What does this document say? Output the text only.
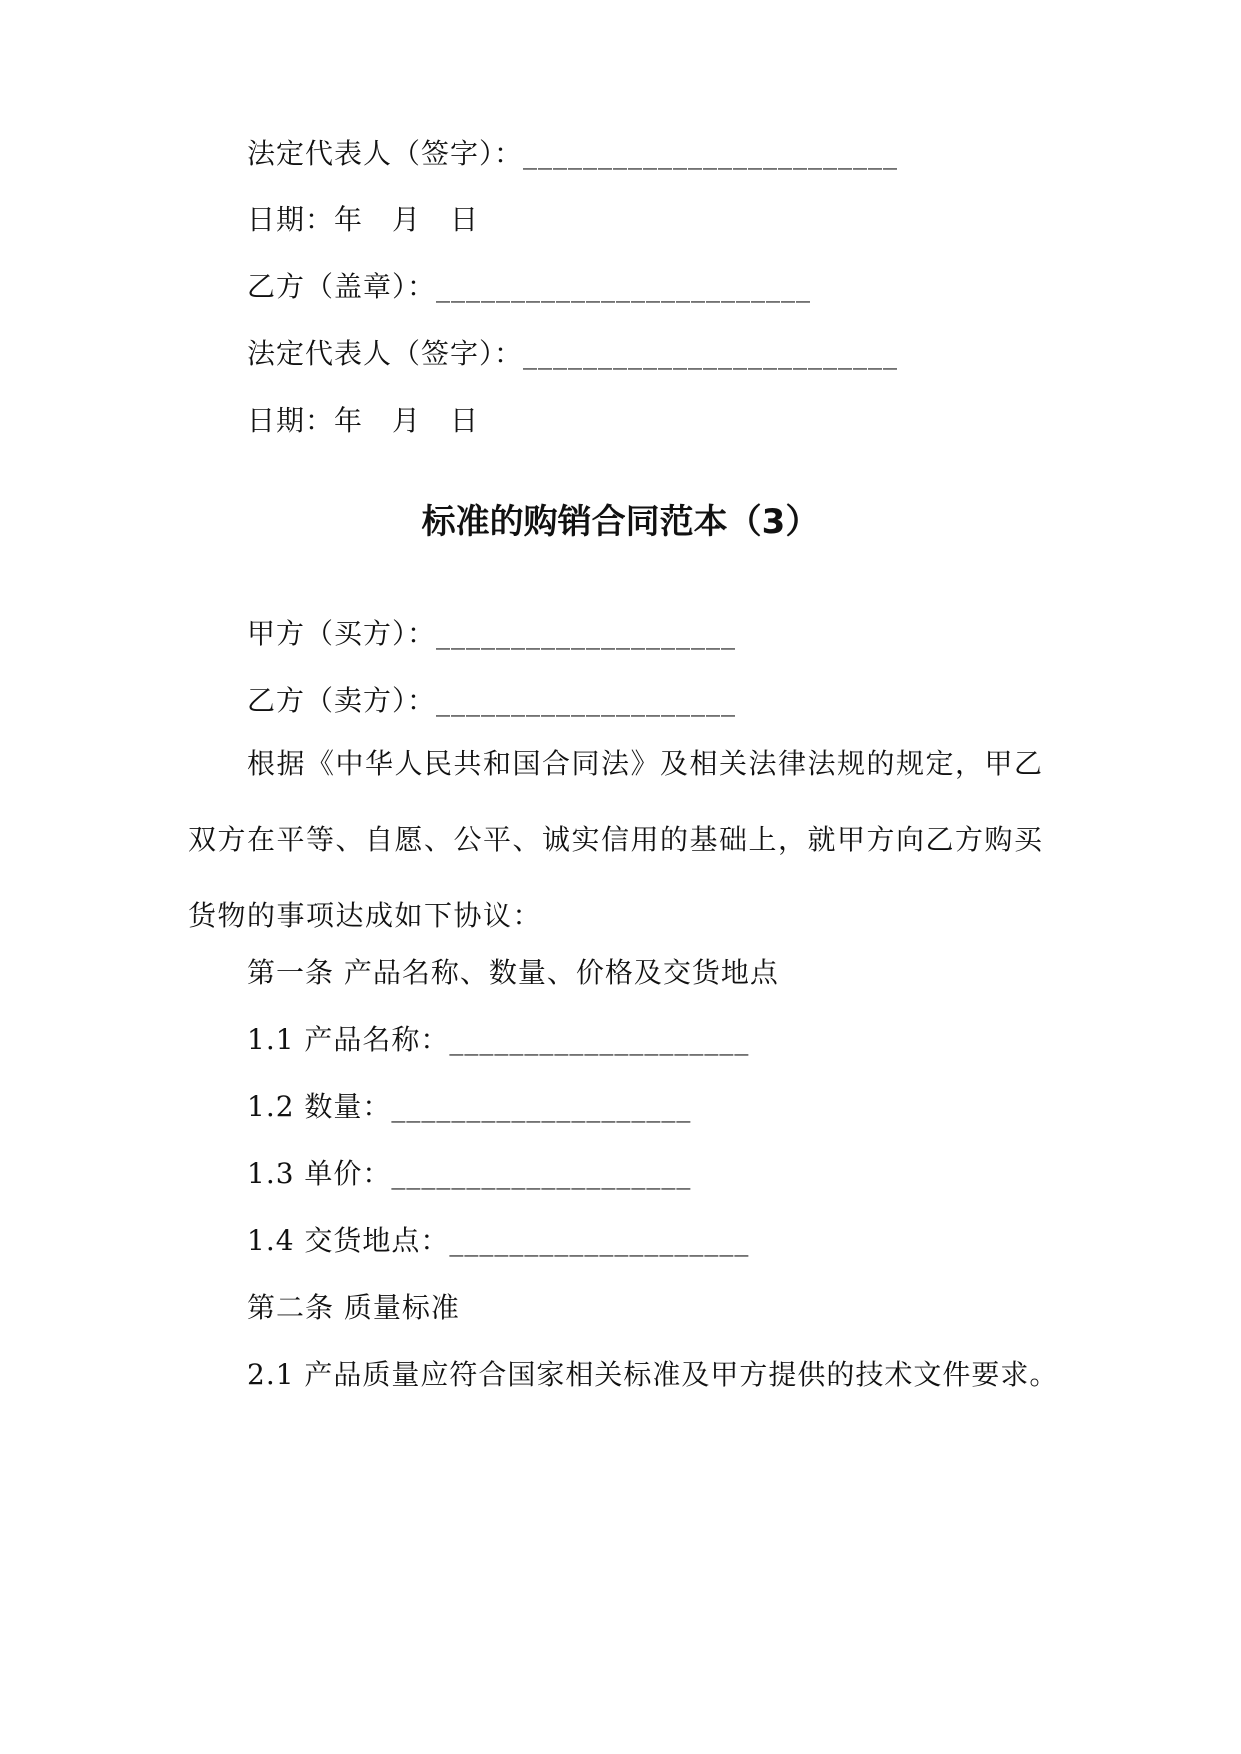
法定代表人（签字）：_________________________
日期：年　月　日
乙方（盖章）：_________________________
法定代表人（签字）：_________________________
日期：年　月　日
标准的购销合同范本（3）
甲方（买方）：____________________
乙方（卖方）：____________________
根据《中华人民共和国合同法》及相关法律法规的规定，甲乙双方在平等、自愿、公平、诚实信用的基础上，就甲方向乙方购买货物的事项达成如下协议：
第一条 产品名称、数量、价格及交货地点
1.1 产品名称：____________________
1.2 数量：____________________
1.3 单价：____________________
1.4 交货地点：____________________
第二条 质量标准
2.1 产品质量应符合国家相关标准及甲方提供的技术文件要求。
